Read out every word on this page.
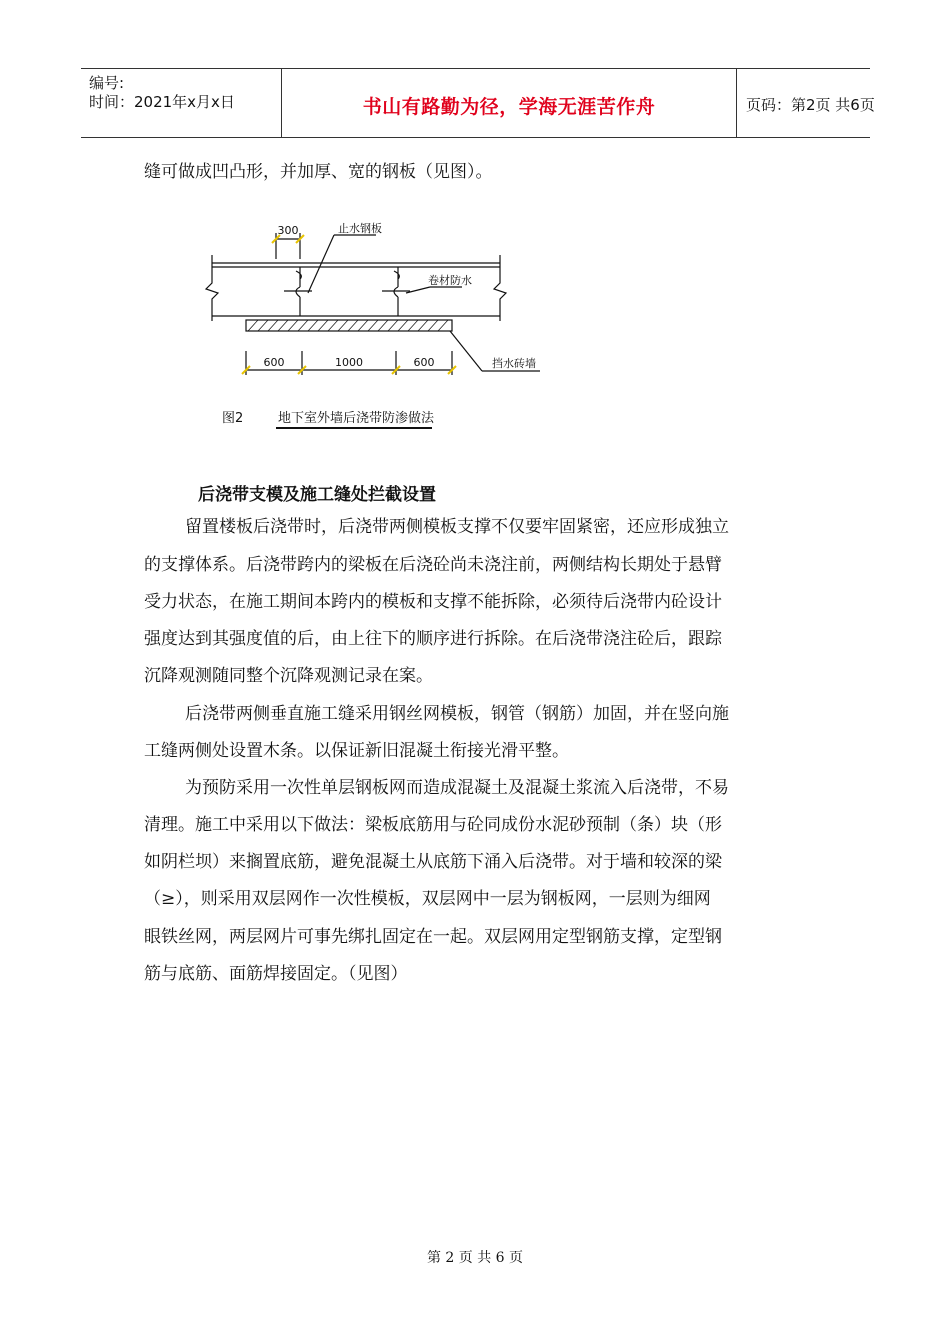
编号:
时间：2021年x月x日	书山有路勤为径，学海无涯苦作舟	页码：第2页 共6页
缝可做成凹凸形，并加厚、宽的钢板（见图）。
300	止水钢板
卷材防水
挡水砖墙
600	1000	600
图2	地下室外墙后浇带防渗做法
后浇带支模及施工缝处拦截设置
留置楼板后浇带时，后浇带两侧模板支撑不仅要牢固紧密，还应形成独立
的支撑体系。后浇带跨内的梁板在后浇砼尚未浇注前，两侧结构长期处于悬臂
受力状态，在施工期间本跨内的模板和支撑不能拆除，必须待后浇带内砼设计
强度达到其强度值的后，由上往下的顺序进行拆除。在后浇带浇注砼后，跟踪
沉降观测随同整个沉降观测记录在案。
后浇带两侧垂直施工缝采用钢丝网模板，钢管（钢筋）加固，并在竖向施
工缝两侧处设置木条。以保证新旧混凝土衔接光滑平整。
为预防采用一次性单层钢板网而造成混凝土及混凝土浆流入后浇带，不易
清理。施工中采用以下做法：梁板底筋用与砼同成份水泥砂预制（条）块（形
如阴栏坝）来搁置底筋，避免混凝土从底筋下涌入后浇带。对于墙和较深的梁
（≥），则采用双层网作一次性模板，双层网中一层为钢板网，一层则为细网
眼铁丝网，两层网片可事先绑扎固定在一起。双层网用定型钢筋支撑，定型钢
筋与底筋、面筋焊接固定。（见图）
第 2 页 共 6 页
